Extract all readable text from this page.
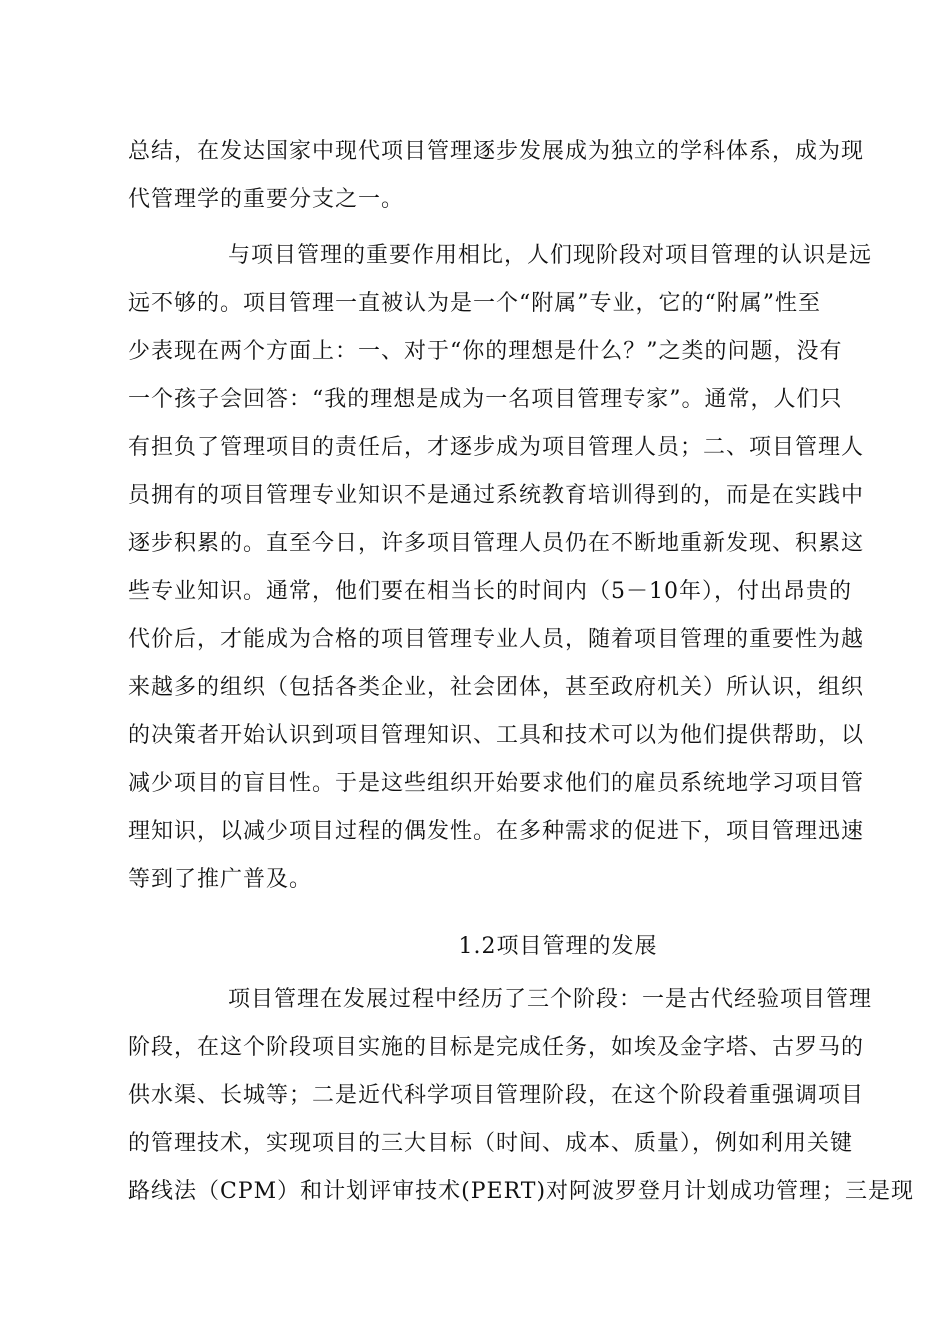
总结，在发达国家中现代项目管理逐步发展成为独立的学科体系，成为现
代管理学的重要分支之一。
与项目管理的重要作用相比，人们现阶段对项目管理的认识是远
远不够的。项目管理一直被认为是一个“附属”专业，它的“附属”性至
少表现在两个方面上：一、对于“你的理想是什么？”之类的问题，没有
一个孩子会回答：“我的理想是成为一名项目管理专家”。通常，人们只
有担负了管理项目的责任后，才逐步成为项目管理人员；二、项目管理人
员拥有的项目管理专业知识不是通过系统教育培训得到的，而是在实践中
逐步积累的。直至今日，许多项目管理人员仍在不断地重新发现、积累这
些专业知识。通常，他们要在相当长的时间内（5－10年），付出昂贵的
代价后，才能成为合格的项目管理专业人员，随着项目管理的重要性为越
来越多的组织（包括各类企业，社会团体，甚至政府机关）所认识，组织
的决策者开始认识到项目管理知识、工具和技术可以为他们提供帮助，以
减少项目的盲目性。于是这些组织开始要求他们的雇员系统地学习项目管
理知识，以减少项目过程的偶发性。在多种需求的促进下，项目管理迅速
等到了推广普及。
1.2项目管理的发展
项目管理在发展过程中经历了三个阶段：一是古代经验项目管理
阶段，在这个阶段项目实施的目标是完成任务，如埃及金字塔、古罗马的
供水渠、长城等；二是近代科学项目管理阶段，在这个阶段着重强调项目
的管理技术，实现项目的三大目标（时间、成本、质量），例如利用关键
路线法（CPM）和计划评审技术(PERT)对阿波罗登月计划成功管理；三是现
